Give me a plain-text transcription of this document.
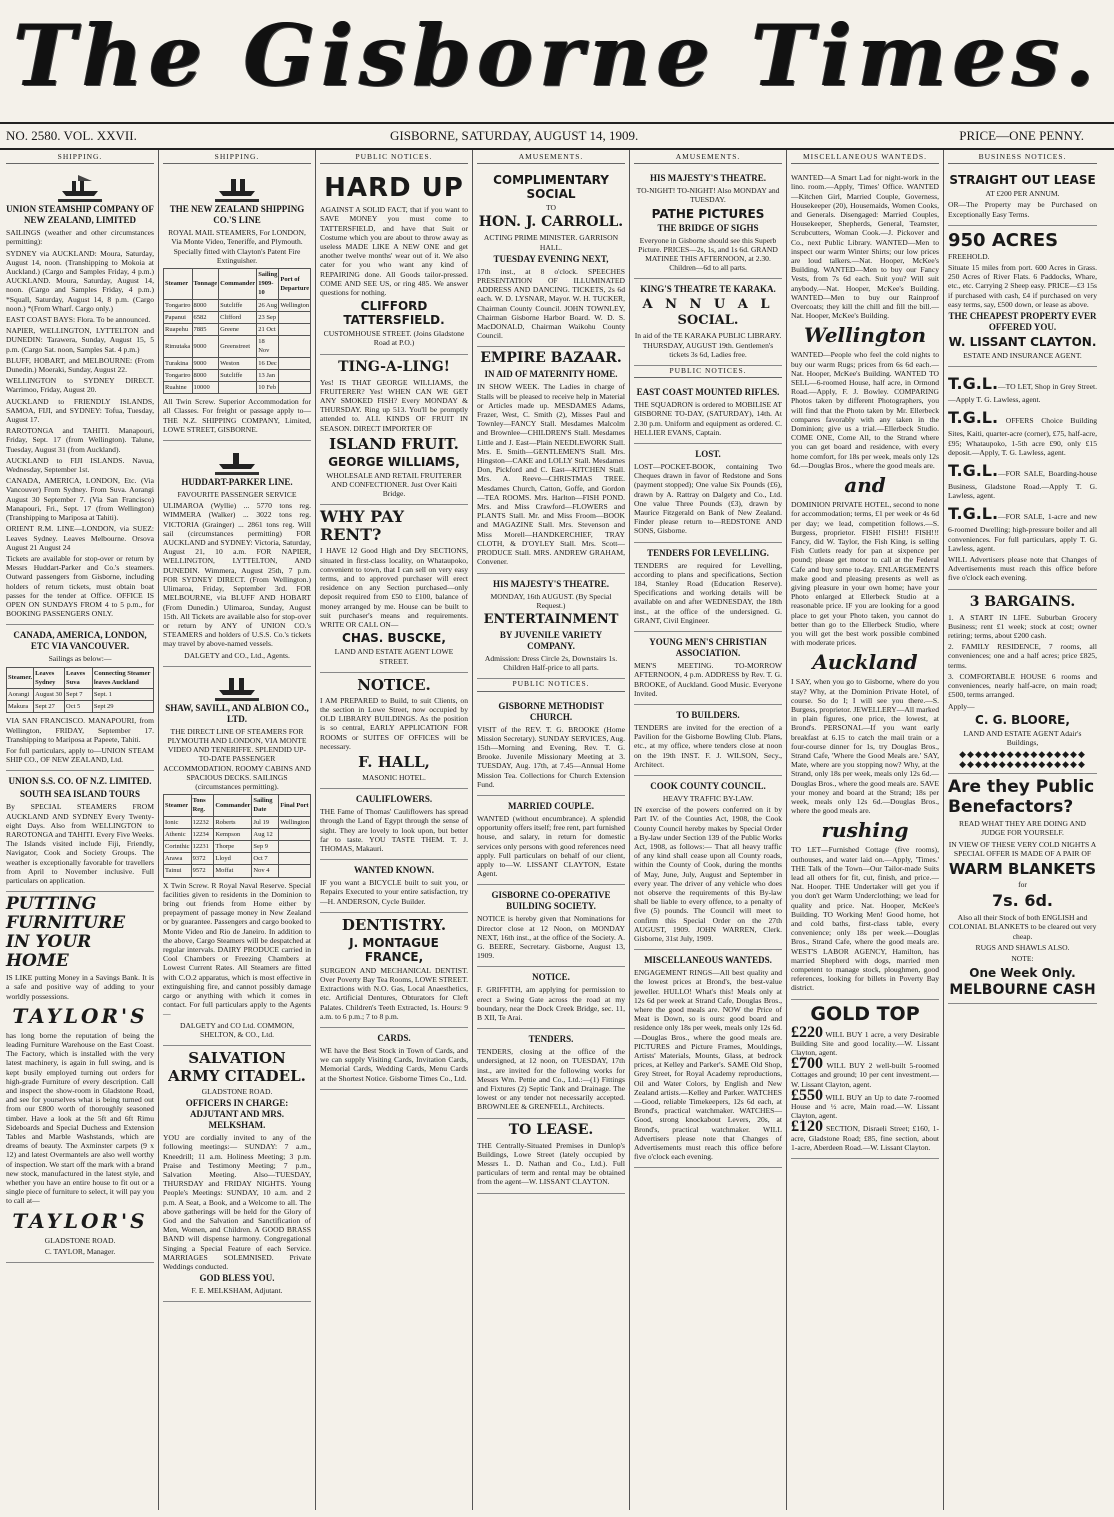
The Gisborne Times.
NO. 2580. VOL. XXVII.	GISBORNE, SATURDAY, AUGUST 14, 1909.	PRICE—ONE PENNY.
SHIPPING.
UNION STEAMSHIP COMPANY OF NEW ZEALAND, LIMITED

SAILINGS (weather and other circumstances permitting):

SYDNEY via AUCKLAND: Moura, Saturday, August 14, noon. (Transhipping to Mokoia at Auckland.) (Cargo and Samples Friday, 4 p.m.) AUCKLAND. Moura, Saturday, August 14, noon. (Cargo and Samples Friday, 4 p.m.) *Squall, Saturday, August 14, 8 p.m. (Cargo noon.) *(From Wharf. Cargo only.)

EAST COAST BAYS: Flora. To be announced.

NAPIER, WELLINGTON, LYTTELTON and DUNEDIN: Tarawera, Sunday, August 15, 5 p.m. (Cargo Sat. noon, Samples Sat. 4 p.m.)

BLUFF, HOBART, and MELBOURNE: (From Dunedin.) Moeraki, Sunday, August 22.

WELLINGTON to SYDNEY DIRECT. Warrimoo, Friday, August 20.

AUCKLAND to FRIENDLY ISLANDS, SAMOA, FIJI, and SYDNEY: Tofua, Tuesday, August 17.

RAROTONGA and TAHITI. Manapouri, Friday, Sept. 17 (from Wellington). Talune, Tuesday, August 31 (from Auckland).

AUCKLAND to FIJI ISLANDS. Navua, Wednesday, September 1st.

CANADA, AMERICA, LONDON, Etc. (Via Vancouver) From Sydney. From Suva. Aorangi August 30 September 7. (Via San Francisco) Manapouri, Fri., Sept. 17 (from Wellington) (Transhipping to Mariposa at Tahiti).

ORIENT R.M. LINE—LONDON, via SUEZ: Leaves Sydney. Leaves Melbourne. Orsova August 21 August 24

Tickets are available for stop-over or return by Messrs Huddart-Parker and Co.'s steamers. Outward passengers from Gisborne, including holders of return tickets, must obtain boat passes for the tender at Office. OFFICE IS OPEN ON SUNDAYS FROM 4 to 5 p.m., for BOOKING PASSENGERS ONLY.

CANADA, AMERICA, LONDON, ETC VIA VANCOUVER.

Sailings as below:—

Steamer.	Leaves Sydney	Leaves Suva	Connecting Steamer leaves Auckland
Aorangi	August 30	Sept 7	Sept. 1
Makura	Sept 27	Oct 5	Sept 29

VIA SAN FRANCISCO. MANAPOURI, from Wellington, FRIDAY, September 17. Transhipping to Mariposa at Papeete, Tahiti.

For full particulars, apply to—UNION STEAM SHIP CO., OF NEW ZEALAND, Ltd.

UNION S.S. CO. OF N.Z. LIMITED.
SOUTH SEA ISLAND TOURS

By SPECIAL STEAMERS FROM AUCKLAND AND SYDNEY Every Twenty-eight Days. Also from WELLINGTON to RAROTONGA and TAHITI. Every Five Weeks. The Islands visited include Fiji, Friendly, Navigator, Cook and Society Groups. The weather is exceptionally favorable for travellers from April to November inclusive. Full particulars on application.

PUTTING FURNITURE IN YOUR HOME

IS LIKE putting Money in a Savings Bank. It is a safe and positive way of adding to your worldly possessions.

TAYLOR'S

has long borne the reputation of being the leading Furniture Warehouse on the East Coast. The Factory, which is installed with the very latest machinery, is again in full swing, and is kept busily employed turning out orders for high-grade Furniture of every description. Call and inspect the show-room in Gladstone Road, and see for yourselves what is being turned out from our £800 worth of thoroughly seasoned timber. Have a look at the 5ft and 6ft Rimu Sideboards and Special Duchess and Extension Tables and Marble Washstands, which are dreams of beauty. The Axminster carpets (9 x 12) and latest Overmantels are also well worthy of inspection. We start off the mark with a brand new stock, manufactured in the latest style, and whether you have an entire house to fit out or a single piece of furniture to select, it will pay you to call at—

TAYLOR'S

GLADSTONE ROAD.

C. TAYLOR, Manager.

SHIPPING.
THE NEW ZEALAND SHIPPING CO.'S LINE

ROYAL MAIL STEAMERS, For LONDON, Via Monte Video, Teneriffe, and Plymouth. Specially fitted with Clayton's Patent Fire Extinguisher.

Steamer	Tonnage	Commander	Sailing 1909-10	Port of Departure
Tongariro	8000	Sutcliffe	26 Aug	Wellington
Papanui	6582	Clifford	23 Sep	
Ruapehu	7885	Greene	21 Oct	
Rimutaka	9000	Greenstreet	18 Nov	
Turakina	9000	Weston	16 Dec	
Tongariro	8000	Sutcliffe	13 Jan	
Ruahine	10000		10 Feb	

All Twin Screw. Superior Accommodation for all Classes. For freight or passage apply to—THE N.Z. SHIPPING COMPANY, Limited, LOWE STREET, GISBORNE.

HUDDART-PARKER LINE.

FAVOURITE PASSENGER SERVICE

ULIMAROA (Wyllie) ... 5770 tons reg. WIMMERA (Walker) ... 3022 tons reg. VICTORIA (Grainger) ... 2861 tons reg. Will sail (circumstances permitting) FOR AUCKLAND and SYDNEY: Victoria, Saturday, August 21, 10 a.m. FOR NAPIER, WELLINGTON, LYTTELTON, AND DUNEDIN. Wimmera, August 25th, 7 p.m. FOR SYDNEY DIRECT. (From Wellington.) Ulimaroa, Friday, September 3rd. FOR MELBOURNE, via BLUFF AND HOBART (From Dunedin.) Ulimaroa, Sunday, August 15th. All Tickets are available also for stop-over or return by ANY of UNION CO.'s STEAMERS and holders of U.S.S. Co.'s tickets may travel by above-named vessels.

DALGETY and CO., Ltd., Agents.

SHAW, SAVILL, AND ALBION CO., LTD.

THE DIRECT LINE OF STEAMERS FOR PLYMOUTH AND LONDON, VIA MONTE VIDEO AND TENERIFFE. SPLENDID UP-TO-DATE PASSENGER ACCOMMODATION. ROOMY CABINS AND SPACIOUS DECKS. SAILINGS (circumstances permitting).

Steamer	Tons Reg.	Commander	Sailing Date	Final Port
Ionic	12232	Roberts	Jul 19	Wellington
Athenic	12234	Kempson	Aug 12	
Corinthic	12231	Thorpe	Sep 9	
Arawa	9372	Lloyd	Oct 7	
Tainui	9572	Moffat	Nov 4	

X Twin Screw. R Royal Naval Reserve. Special facilities given to residents in the Dominion to bring out friends from Home either by prepayment of passage money in New Zealand or by guarantee. Passengers and cargo booked to Monte Video and Rio de Janeiro. In addition to the above, Cargo Steamers will be despatched at regular intervals. DAIRY PRODUCE carried in Cool Chambers or Freezing Chambers at Lowest Current Rates. All Steamers are fitted with C.O.2 apparatus, which is most effective in extinguishing fire, and cannot possibly damage cargo or anything with which it comes in contact. For full particulars apply to the Agents—

DALGETY and CO Ltd. COMMON, SHELTON, & CO., Ltd.

SALVATION ARMY CITADEL.

GLADSTONE ROAD.

OFFICERS IN CHARGE: ADJUTANT AND MRS. MELKSHAM.

YOU are cordially invited to any of the following meetings:— SUNDAY: 7 a.m., Kneedrill; 11 a.m. Holiness Meeting; 3 p.m. Praise and Testimony Meeting; 7 p.m., Salvation Meeting. Also—TUESDAY, THURSDAY and FRIDAY NIGHTS. Young People's Meetings: SUNDAY, 10 a.m. and 2 p.m. A Seat, a Book, and a Welcome to all. The above gatherings will be held for the Glory of God and the Salvation and Sanctification of Men, Women, and Children. A GOOD BRASS BAND will dispense harmony. Congregational Singing a Special Feature of each Service. MARRIAGES SOLEMNISED. Private Weddings conducted.

GOD BLESS YOU.

F. E. MELKSHAM, Adjutant.

PUBLIC NOTICES.
HARD UP

AGAINST A SOLID FACT, that if you want to SAVE MONEY you must come to TATTERSFIELD, and have that Suit or Costume which you are about to throw away as useless MADE LIKE A NEW ONE and get another twelve months' wear out of it. We also cater for you who want any kind of REPAIRING done. All Goods tailor-pressed. COME AND SEE US, or ring 485. We answer questions for nothing.

CLIFFORD TATTERSFIELD.

CUSTOMHOUSE STREET. (Joins Gladstone Road at P.O.)

TING-A-LING!

Yes! IS THAT GEORGE WILLIAMS, the FRUITERER? Yes! WHEN CAN WE GET ANY SMOKED FISH? Every MONDAY & THURSDAY. Ring up 513. You'll be promptly attended to. ALL KINDS OF FRUIT IN SEASON. DIRECT IMPORTER OF

ISLAND FRUIT.
GEORGE WILLIAMS,

WHOLESALE AND RETAIL FRUITERER AND CONFECTIONER. Just Over Kaiti Bridge.

WHY PAY RENT?

I HAVE 12 Good High and Dry SECTIONS, situated in first-class locality, on Whataupoko, convenient to town, that I can sell on very easy terms, and to approved purchaser will erect residence on any Section purchased—only deposit required from £50 to £100, balance of money arranged by me. House can be built to suit purchaser's means and requirements. WRITE OR CALL ON—

CHAS. BUSCKE,

LAND AND ESTATE AGENT LOWE STREET.

NOTICE.

I AM PREPARED to Build, to suit Clients, on the section in Lowe Street, now occupied by OLD LIBRARY BUILDINGS. As the position is so central, EARLY APPLICATION FOR ROOMS or SUITES OF OFFICES will be necessary.

F. HALL,

MASONIC HOTEL.

CAULIFLOWERS.

THE Fame of Thomas' Cauliflowers has spread through the Land of Egypt through the sense of sight. They are lovely to look upon, but better far to taste. YOU TASTE THEM. T. J. THOMAS, Makauri.

WANTED KNOWN.

IF you want a BICYCLE built to suit you, or Repairs Executed to your entire satisfaction, try—H. ANDERSON, Cycle Builder.

DENTISTRY.
J. MONTAGUE FRANCE,

SURGEON AND MECHANICAL DENTIST. Over Poverty Bay Tea Rooms, LOWE STREET. Extractions with N.O. Gas, Local Anaesthetics, etc. Artificial Dentures, Obturators for Cleft Palates. Children's Teeth Extracted, 1s. Hours: 9 a.m. to 6 p.m.; 7 to 8 p.m.

CARDS.

WE have the Best Stock in Town of Cards, and we can supply Visiting Cards, Invitation Cards, Memorial Cards, Wedding Cards, Menu Cards at the Shortest Notice. Gisborne Times Co., Ltd.

AMUSEMENTS.
COMPLIMENTARY SOCIAL

TO

HON. J. CARROLL.

ACTING PRIME MINISTER. GARRISON HALL.

TUESDAY EVENING NEXT,

17th inst., at 8 o'clock. SPEECHES PRESENTATION OF ILLUMINATED ADDRESS AND DANCING. TICKETS, 2s 6d each. W. D. LYSNAR, Mayor. W. H. TUCKER, Chairman County Council. JOHN TOWNLEY, Chairman Gisborne Harbor Board. W. D. S. MacDONALD, Chairman Waikohu County Council.

EMPIRE BAZAAR.
IN AID OF MATERNITY HOME.

IN SHOW WEEK. The Ladies in charge of Stalls will be pleased to receive help in Material or Articles made up. MESDAMES Adams, Frazer, West, C. Smith (2), Misses Paul and Townley—FANCY Stall. Mesdames Malcolm and Brownlee—CHILDREN'S Stall. Mesdames Little and J. East—Plain NEEDLEWORK Stall. Mrs. E. Smith—GENTLEMEN'S Stall. Mrs. Hingston—CAKE and LOLLY Stall. Mesdames Don, Pickford and C. East—KITCHEN Stall. Mrs. A. Reeve—CHRISTMAS TREE. Mesdames Church, Catton, Goffe, and Gordon—TEA ROOMS. Mrs. Harlton—FISH POND. Mrs. and Miss Crawford—FLOWERS and PLANTS Stall. Mr. and Miss Froom—BOOK and MAGAZINE Stall. Mrs. Stevenson and Miss Morell—HANDKERCHIEF, TRAY CLOTH, & D'OYLEY Stall. Mrs. Scott—PRODUCE Stall. MRS. ANDREW GRAHAM, Convener.

HIS MAJESTY'S THEATRE.

MONDAY, 16th AUGUST. (By Special Request.)

ENTERTAINMENT
BY JUVENILE VARIETY COMPANY.

Admission: Dress Circle 2s, Downstairs 1s. Children Half-price to all parts.

PUBLIC NOTICES.
GISBORNE METHODIST CHURCH.

VISIT of the REV. T. G. BROOKE (Home Mission Secretary). SUNDAY SERVICES, Aug. 15th—Morning and Evening, Rev. T. G. Brooke. Juvenile Missionary Meeting at 3. TUESDAY, Aug. 17th, at 7.45—Annual Home Mission Tea. Collections for Church Extension Fund.

MARRIED COUPLE.

WANTED (without encumbrance). A splendid opportunity offers itself; free rent, part furnished house, and salary, in return for domestic services only persons with good references need apply. Full particulars on behalf of our client, apply to—W. LISSANT CLAYTON, Estate Agent.

GISBORNE CO-OPERATIVE BUILDING SOCIETY.

NOTICE is hereby given that Nominations for Director close at 12 Noon, on MONDAY NEXT, 16th inst., at the office of the Society. A. G. BEERE, Secretary. Gisborne, August 13, 1909.

NOTICE.

F. GRIFFITH, am applying for permission to erect a Swing Gate across the road at my boundary, near the Dock Creek Bridge, sec. 11, B XII, Te Arai.

TENDERS.

TENDERS, closing at the office of the undersigned, at 12 noon, on TUESDAY, 17th inst., are invited for the following works for Messrs Wm. Pettie and Co., Ltd.:—(1) Fittings and Fixtures (2) Septic Tank and Drainage. The lowest or any tender not necessarily accepted. BROWNLEE & GRENFELL, Architects.

TO LEASE.

THE Centrally-Situated Premises in Dunlop's Buildings, Lowe Street (lately occupied by Messrs L. D. Nathan and Co., Ltd.). Full particulars of term and rental may be obtained from the agent—W. LISSANT CLAYTON.

AMUSEMENTS.
HIS MAJESTY'S THEATRE.

TO-NIGHT! TO-NIGHT! Also MONDAY and TUESDAY.

PATHE PICTURES
THE BRIDGE OF SIGHS

Everyone in Gisborne should see this Superb Picture. PRICES—2s, 1s, and 1s 6d. GRAND MATINEE THIS AFTERNOON, at 2.30. Children—6d to all parts.

KING'S THEATRE TE KARAKA.
A N N U A L
SOCIAL.

In aid of the TE KARAKA PUBLIC LIBRARY. THURSDAY, AUGUST 19th. Gentlemen's tickets 3s 6d, Ladies free.

PUBLIC NOTICES.
EAST COAST MOUNTED RIFLES.

THE SQUADRON is ordered to MOBILISE AT GISBORNE TO-DAY, (SATURDAY), 14th. At 2.30 p.m. Uniform and equipment as ordered. C. HELLIER EVANS, Captain.

LOST.

LOST—POCKET-BOOK, containing Two Cheques drawn in favor of Redstone and Sons (payment stopped); One value Six Pounds (£6), drawn by A. Rattray on Dalgety and Co., Ltd. One value Three Pounds (£3), drawn by Maurice Fitzgerald on Bank of New Zealand. Finder please return to—REDSTONE AND SONS, Gisborne.

TENDERS FOR LEVELLING.

TENDERS are required for Levelling, according to plans and specifications, Section 184, Stanley Road (Education Reserve). Specifications and working details will be available on and after WEDNESDAY, the 18th inst., at the office of the undersigned. G. GRANT, Civil Engineer.

YOUNG MEN'S CHRISTIAN ASSOCIATION.

MEN'S MEETING. TO-MORROW AFTERNOON, 4 p.m. ADDRESS by Rev. T. G. BROOKE, of Auckland. Good Music. Everyone Invited.

TO BUILDERS.

TENDERS are invited for the erection of a Pavilion for the Gisborne Bowling Club. Plans, etc., at my office, where tenders close at noon on the 19th INST. F. J. WILSON, Secy., Architect.

COOK COUNTY COUNCIL.

HEAVY TRAFFIC BY-LAW.

IN exercise of the powers conferred on it by Part IV. of the Counties Act, 1908, the Cook County Council hereby makes by Special Order a By-law under Section 139 of the Public Works Act, 1908, as follows:— That all heavy traffic of any kind shall cease upon all County roads, within the County of Cook, during the months of May, June, July, August and September in every year. The driver of any vehicle who does not observe the requirements of this By-law shall be liable to every offence, to a penalty of five (5) pounds. The Council will meet to confirm this Special Order on the 27th AUGUST, 1909. JOHN WARREN, Clerk. Gisborne, 31st July, 1909.

MISCELLANEOUS WANTEDS.

ENGAGEMENT RINGS—All best quality and the lowest prices at Brond's, the best-value jeweller. HULLO! What's this! Meals only at 12s 6d per week at Strand Cafe, Douglas Bros., where the good meals are. NOW the Price of Meat is Down, so is ours: good board and residence only 18s per week, meals only 12s 6d.—Douglas Bros., where the good meals are. PICTURES and Picture Frames, Mouldings, Artists' Materials, Mounts, Glass, at bedrock prices, at Kelley and Parker's. SAME Old Shop, Grey Street, for Royal Academy reproductions, Oil and Water Colors, by English and New Zealand artists.—Kelley and Parker. WATCHES—Good, reliable Timekeepers, 12s 6d each, at Brond's, practical watchmaker. WATCHES—Good, strong knockabout Levers, 20s, at Brond's, practical watchmaker. WILL Advertisers please note that Changes of Advertisements must reach this office before five o'clock each evening.

MISCELLANEOUS WANTEDS.

WANTED—A Smart Lad for night-work in the lino. room.—Apply, 'Times' Office. WANTED—Kitchen Girl, Married Couple, Governess, Housekeeper (20), Housemaids, Women Cooks, and Generals. Disengaged: Married Couples, Housekeeper, Shepherds, General, Teamster, Scrubcutters, Woman Cook.—J. Pickover and Co., next Public Library. WANTED—Men to inspect our warm Winter Shirts; our low prices are loud talkers.—Nat. Hooper, McKee's Building. WANTED—Men to buy our Fancy Vests, from 7s 6d each. Suit you? Will suit anybody.—Nat. Hooper, McKee's Building. WANTED—Men to buy our Rainproof Overcoats; they kill the chill and fill the bill.—Nat. Hooper, McKee's Building.

Wellington

WANTED—People who feel the cold nights to buy our warm Rugs; prices from 6s 6d each.—Nat. Hooper, McKee's Building. WANTED TO SELL—6-roomed House, half acre, in Ormond Road.—Apply, F. J. Bowley. COMPARING Photos taken by different Photographers, you will find that the Photo taken by Mr. Ellerbeck compares favorably with any taken in the Dominion; give us a trial.—Ellerbeck Studio. COME ONE, Come All, to the Strand where you can get board and residence, with every home comfort, for 18s per week, meals only 12s 6d.—Douglas Bros., where the good meals are.

and

DOMINION PRIVATE HOTEL, second to none for accommodation; terms, £1 per week or 4s 6d per day; we lead, competition follows.—S. Burgess, proprietor. FISH! FISH!! FISH!!! Fancy, did W. Taylor, the Fish King, is selling Fish Cutlets ready for pan at sixpence per pound; please get motor to call at the Federal Cafe and buy some to-day. ENLARGEMENTS make good and pleasing presents as well as giving pleasure in your own home; have your Photo enlarged at Ellerbeck Studio at a reasonable price. IF you are looking for a good place to get your Photo taken, you cannot do better than go to the Ellerbeck Studio, where you will get the best work possible combined with moderate prices.

Auckland

I SAY, when you go to Gisborne, where do you stay? Why, at the Dominion Private Hotel, of course. So do I; I will see you there.—S. Burgess, proprietor. JEWELLERY—All marked in plain figures, one price, the lowest, at Brond's. PERSONAL—If you want early breakfast at 6.15 to catch the mail train or a four-course dinner for 1s, try Douglas Bros., Strand Cafe, 'Where the Good Meals are.' SAY, Mate, where are you stopping now? Why, at the Strand, only 18s per week, meals only 12s 6d.—Douglas Bros., where the good meals are. SAVE your money and board at the Strand; 18s per week, meals only 12s 6d.—Douglas Bros., where the good meals are.

rushing

TO LET—Furnished Cottage (five rooms), outhouses, and water laid on.—Apply, 'Times.' THE Talk of the Town—Our Tailor-made Suits lead all others for fit, cut, finish, and price.—Nat. Hooper. THE Undertaker will get you if you don't get Warm Underclothing; we lead for quality and price. Nat. Hooper, McKee's Building. TO Working Men! Good home, hot and cold baths, first-class table, every convenience; only 18s per week.—Douglas Bros., Strand Cafe, where the good meals are. WEST'S LABOR AGENCY, Hamilton, has married Shepherd with dogs, married men competent to manage stock, ploughmen, good references, looking for billets in Poverty Bay district.

GOLD TOP

£220 WILL BUY 1 acre, a very Desirable Building Site and good locality.—W. Lissant Clayton, agent.

£700 WILL BUY 2 well-built 5-roomed Cottages and ground; 10 per cent investment.—W. Lissant Clayton, agent.

£550 WILL BUY an Up to date 7-roomed House and ½ acre, Main road.—W. Lissant Clayton, agent.

£120 SECTION, Disraeli Street; £160, 1-acre, Gladstone Road; £85, fine section, about 1-acre, Aberdeen Road.—W. Lissant Clayton.

BUSINESS NOTICES.
STRAIGHT OUT LEASE

AT £200 PER ANNUM.

OR—The Property may be Purchased on Exceptionally Easy Terms.

950 ACRES FREEHOLD.

Situate 15 miles from port. 600 Acres in Grass. 250 Acres of River Flats. 6 Paddocks, Whare, etc., etc. Carrying 2 Sheep easy. PRICE—£3 15s if purchased with cash, £4 if purchased on very easy terms, say, £500 down, or lease as above.

THE CHEAPEST PROPERTY EVER OFFERED YOU.
W. LISSANT CLAYTON.

ESTATE AND INSURANCE AGENT.

T.G.L.—TO LET, Shop in Grey Street.—Apply T. G. Lawless, agent.

T.G.L. OFFERS Choice Building Sites, Kaiti, quarter-acre (corner), £75, half-acre, £95; Whataupoko, 1-5th acre £90, only £15 deposit.—Apply, T. G. Lawless, agent.

T.G.L.—FOR SALE, Boarding-house Business, Gladstone Road.—Apply T. G. Lawless, agent.

T.G.L.—FOR SALE, 1-acre and new 6-roomed Dwelling; high-pressure boiler and all conveniences. For full particulars, apply T. G. Lawless, agent.

WILL Advertisers please note that Changes of Advertisements must reach this office before five o'clock each evening.

3 BARGAINS.

1. A START IN LIFE. Suburban Grocery Business; rent £1 week; stock at cost; owner retiring; terms, about £200 cash.

2. FAMILY RESIDENCE, 7 rooms, all conveniences; one and a half acres; price £825, terms.

3. COMFORTABLE HOUSE 6 rooms and conveniences, nearly half-acre, on main road; £500, terms arranged.

Apply—

C. G. BLOORE,

LAND AND ESTATE AGENT Adair's Buildings,

◆◆◆◆◆◆◆◆◆◆◆◆◆◆◆◆
◆◆◆◆◆◆◆◆◆◆◆◆◆◆◆◆
Are they Public Benefactors?

READ WHAT THEY ARE DOING AND JUDGE FOR YOURSELF.

IN VIEW OF THESE VERY COLD NIGHTS A SPECIAL OFFER IS MADE OF A PAIR OF

WARM BLANKETS

for

7s. 6d.

Also all their Stock of both ENGLISH and COLONIAL BLANKETS to be cleared out very cheap.

RUGS AND SHAWLS ALSO.

NOTE:

One Week Only.
MELBOURNE CASH
